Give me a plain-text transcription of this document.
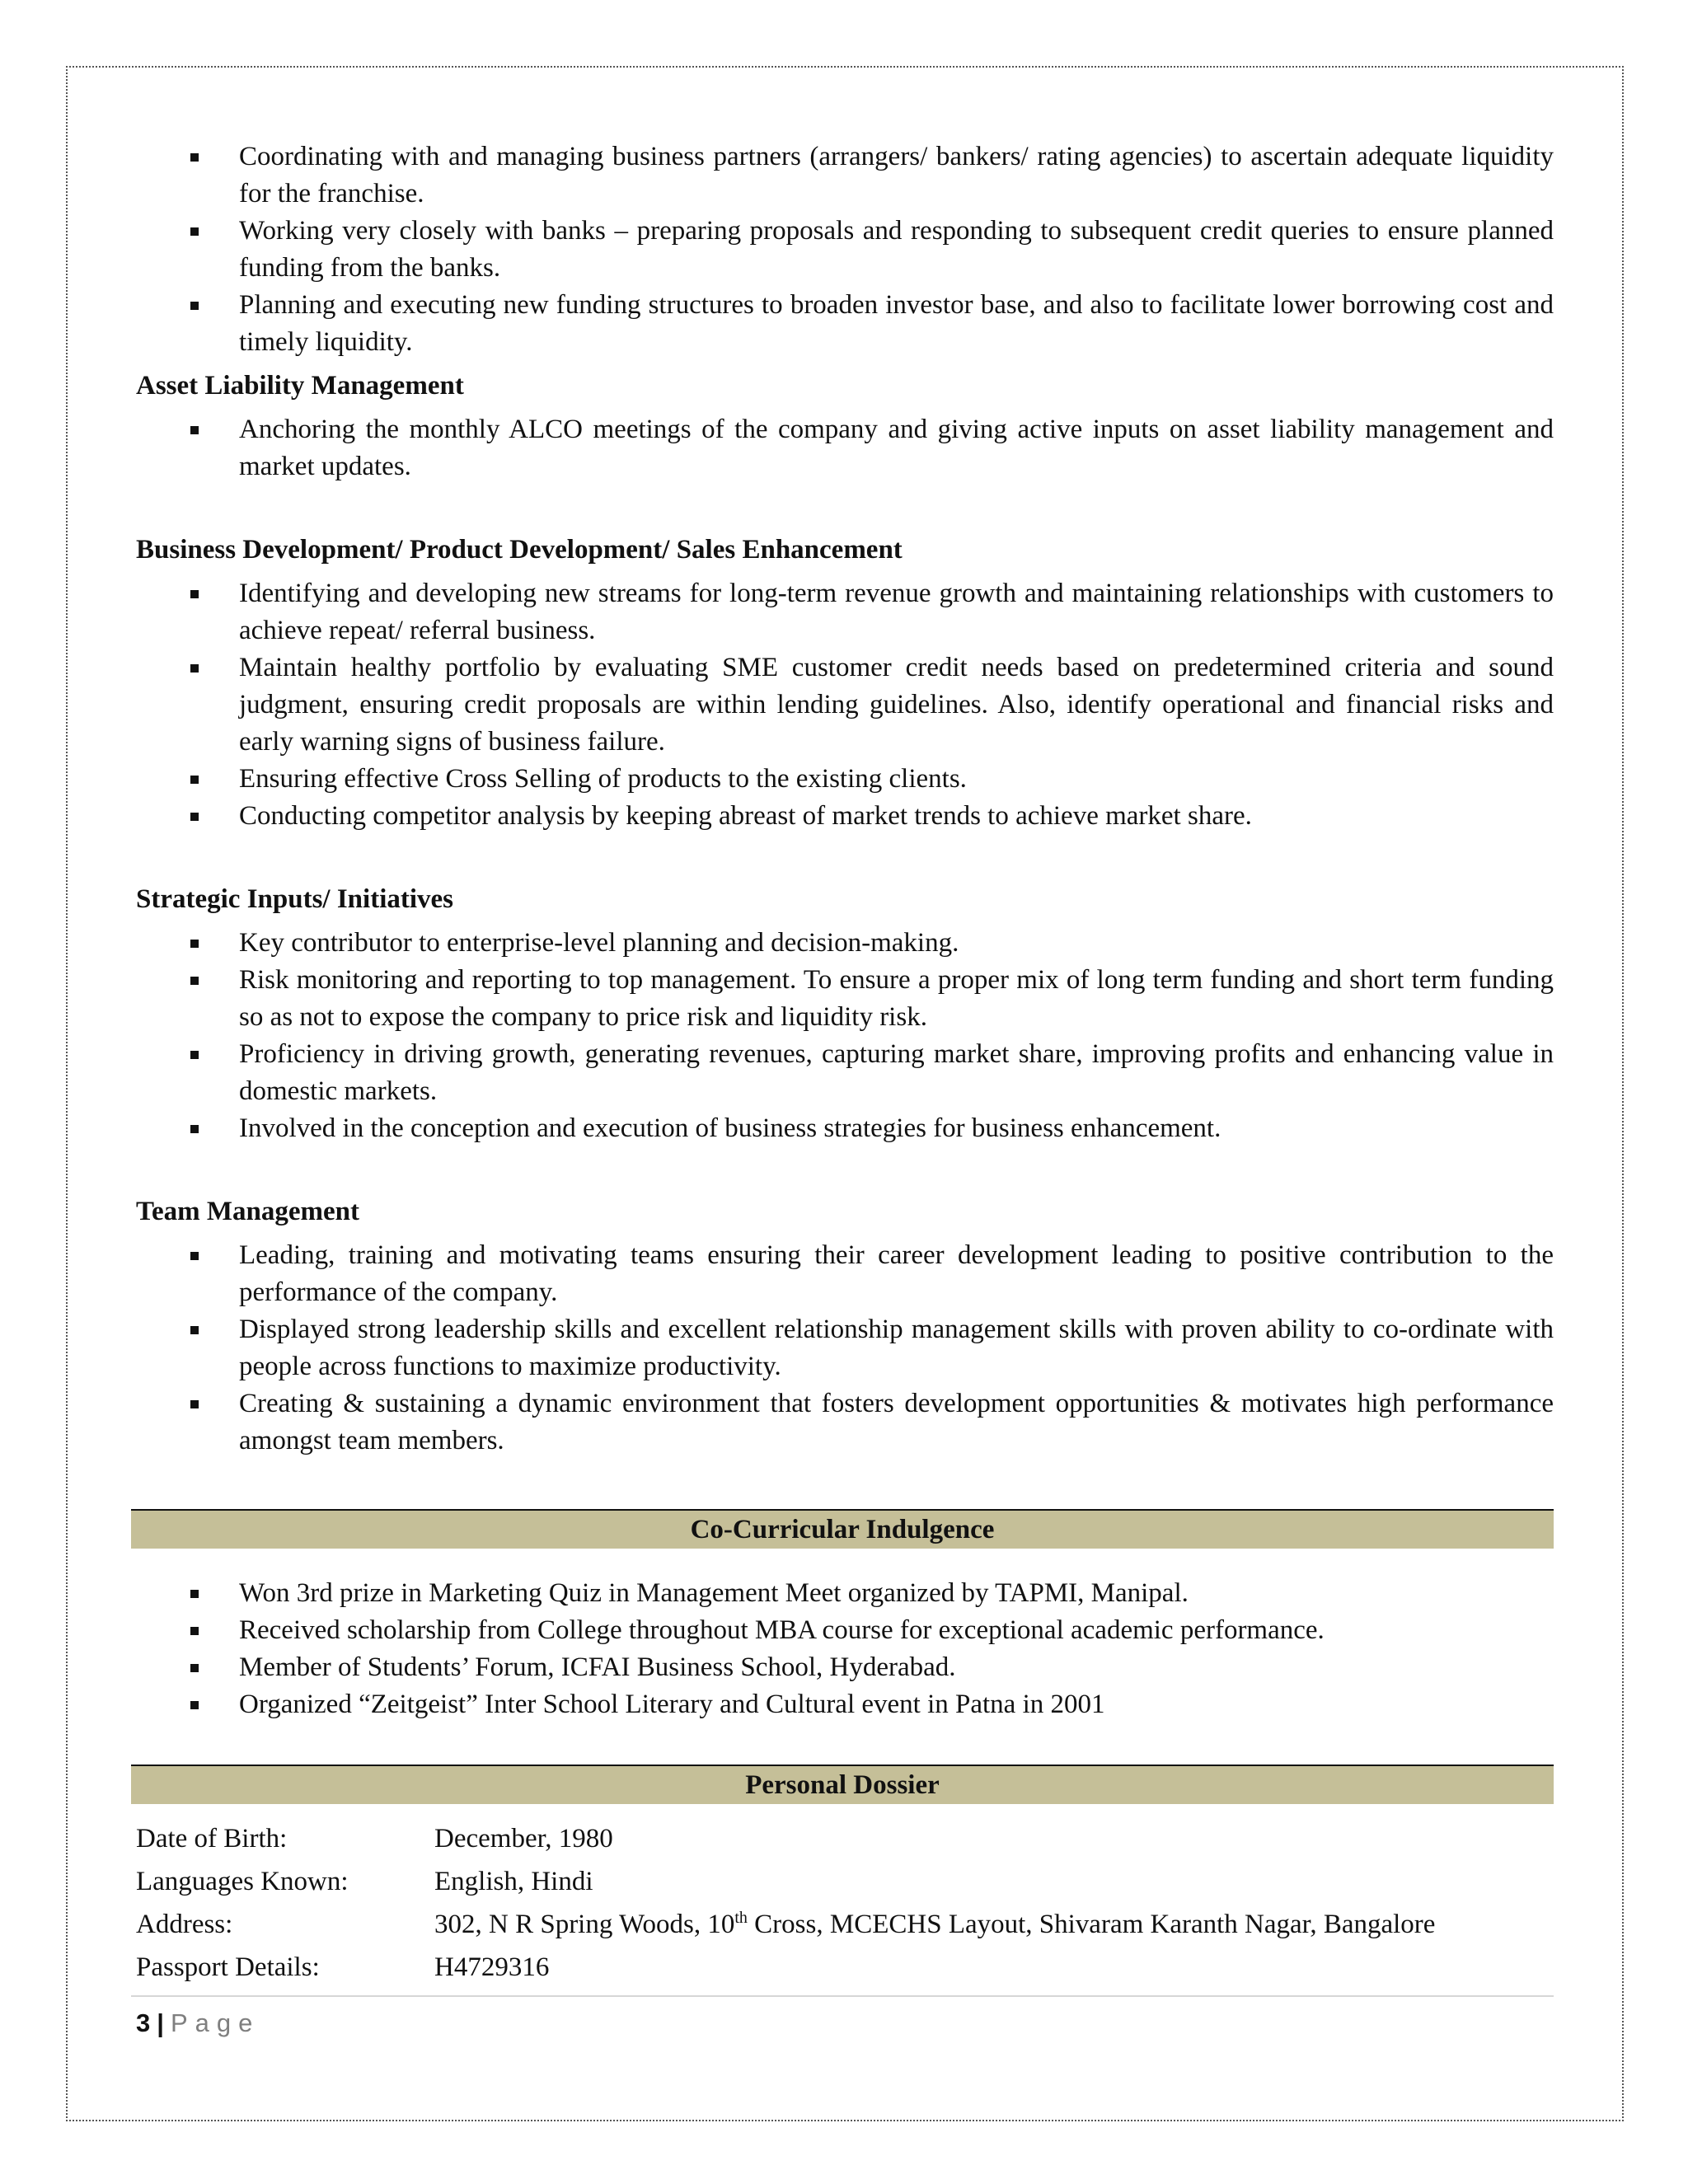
Coordinating with and managing business partners (arrangers/ bankers/ rating agencies) to ascertain adequate liquidity for the franchise.
Working very closely with banks – preparing proposals and responding to subsequent credit queries to ensure planned funding from the banks.
Planning and executing new funding structures to broaden investor base, and also to facilitate lower borrowing cost and timely liquidity.

Asset Liability Management

Anchoring the monthly ALCO meetings of the company and giving active inputs on asset liability management and market updates.

Business Development/ Product Development/ Sales Enhancement

Identifying and developing new streams for long-term revenue growth and maintaining relationships with customers to achieve repeat/ referral business.
Maintain healthy portfolio by evaluating SME customer credit needs based on predetermined criteria and sound judgment, ensuring credit proposals are within lending guidelines. Also, identify operational and financial risks and early warning signs of business failure.
Ensuring effective Cross Selling of products to the existing clients.
Conducting competitor analysis by keeping abreast of market trends to achieve market share.

Strategic Inputs/ Initiatives

Key contributor to enterprise-level planning and decision-making.
Risk monitoring and reporting to top management. To ensure a proper mix of long term funding and short term funding so as not to expose the company to price risk and liquidity risk.
Proficiency in driving growth, generating revenues, capturing market share, improving profits and enhancing value in domestic markets.
Involved in the conception and execution of business strategies for business enhancement.

Team Management

Leading, training and motivating teams ensuring their career development leading to positive contribution to the performance of the company.
Displayed strong leadership skills and excellent relationship management skills with proven ability to co-ordinate with people across functions to maximize productivity.
Creating & sustaining a dynamic environment that fosters development opportunities & motivates high performance amongst team members.
Co-Curricular Indulgence
Won 3rd prize in Marketing Quiz in Management Meet organized by TAPMI, Manipal.
Received scholarship from College throughout MBA course for exceptional academic performance.
Member of Students’ Forum, ICFAI Business School, Hyderabad.
Organized “Zeitgeist” Inter School Literary and Cultural event in Patna in 2001
Personal Dossier
Date of Birth:	December, 1980
Languages Known:	English, Hindi
Address:	302, N R Spring Woods, 10th Cross, MCECHS Layout, Shivaram Karanth Nagar, Bangalore
Passport Details:	H4729316
3 | Page
